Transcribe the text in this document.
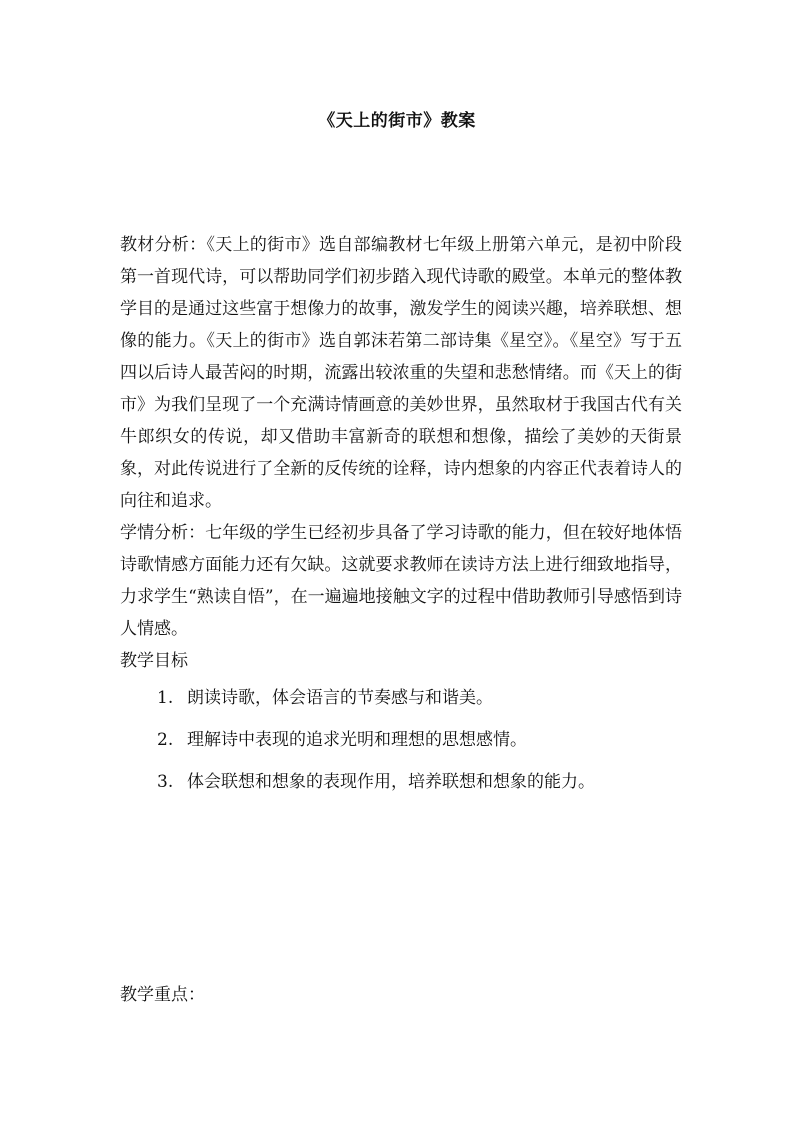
《天上的街市》教案

教材分析：《天上的街市》选自部编教材七年级上册第六单元，是初中阶段第一首现代诗，可以帮助同学们初步踏入现代诗歌的殿堂。本单元的整体教学目的是通过这些富于想像力的故事，激发学生的阅读兴趣，培养联想、想像的能力。《天上的街市》选自郭沫若第二部诗集《星空》。《星空》写于五四以后诗人最苦闷的时期，流露出较浓重的失望和悲愁情绪。而《天上的街市》为我们呈现了一个充满诗情画意的美妙世界，虽然取材于我国古代有关牛郎织女的传说，却又借助丰富新奇的联想和想像，描绘了美妙的天街景象，对此传说进行了全新的反传统的诠释，诗内想象的内容正代表着诗人的向往和追求。

学情分析：七年级的学生已经初步具备了学习诗歌的能力，但在较好地体悟诗歌情感方面能力还有欠缺。这就要求教师在读诗方法上进行细致地指导，力求学生“熟读自悟”，在一遍遍地接触文字的过程中借助教师引导感悟到诗人情感。

教学目标

1. 朗读诗歌，体会语言的节奏感与和谐美。
2. 理解诗中表现的追求光明和理想的思想感情。
3. 体会联想和想象的表现作用，培养联想和想象的能力。
教学重点：
